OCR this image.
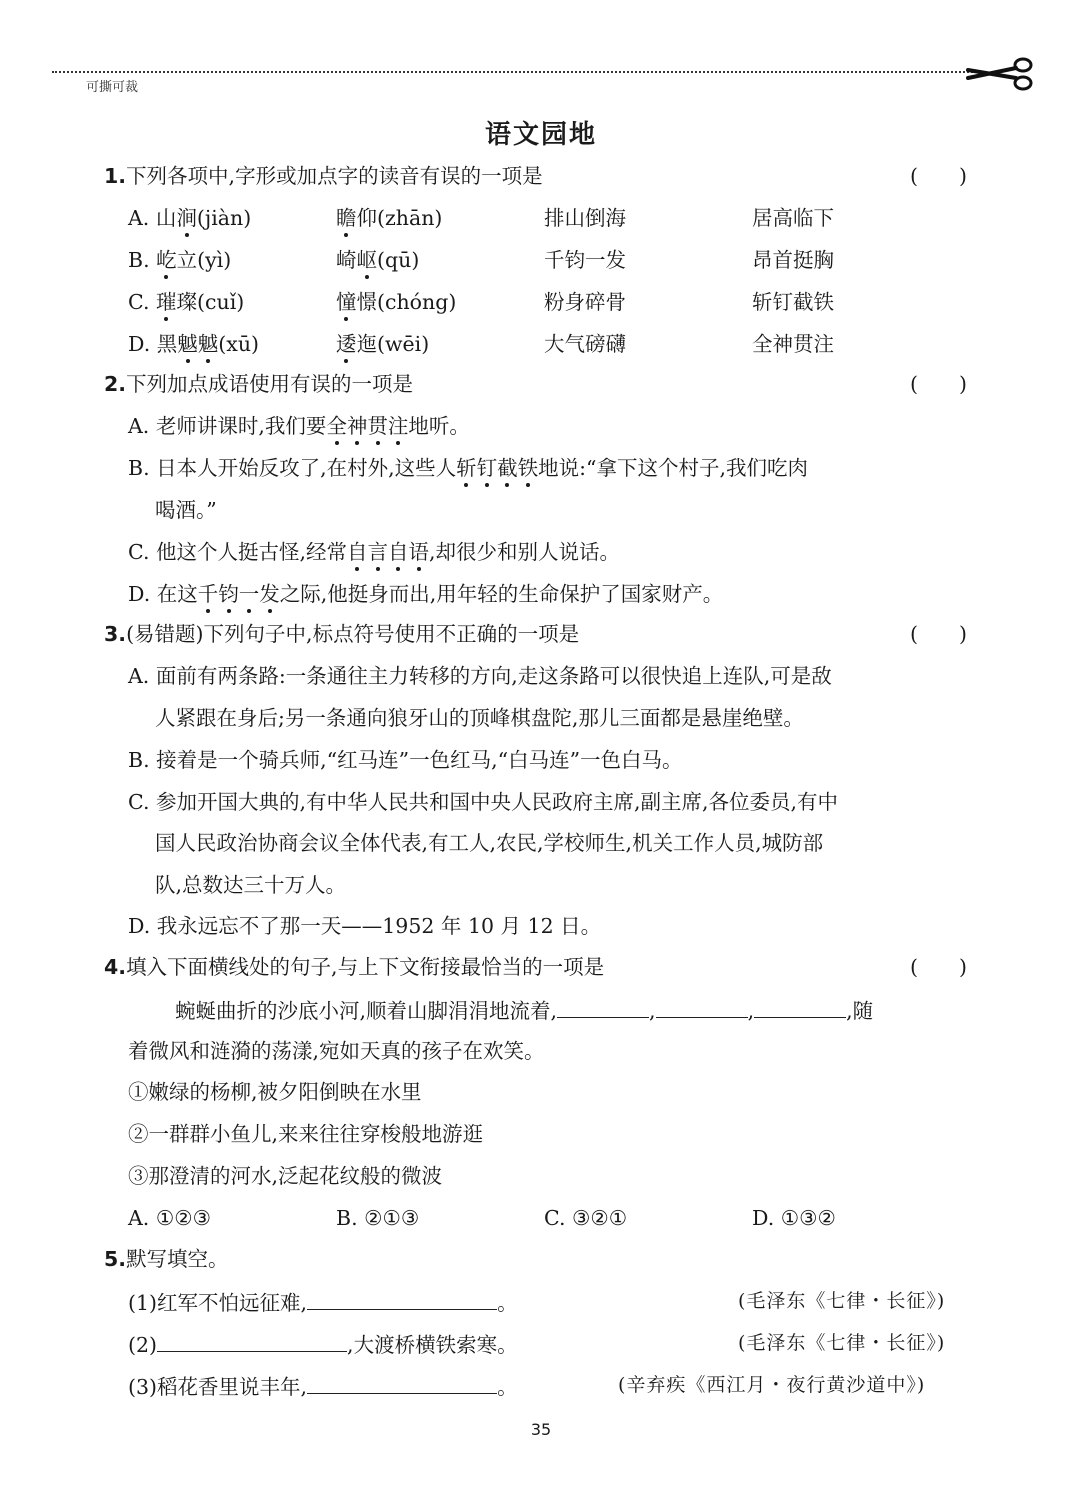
可撕可裁
语文园地
1.下列各项中,字形或加点字的读音有误的一项是	(　　)
A. 山涧(jiàn)	瞻仰(zhān)	排山倒海	居高临下
B. 屹立(yì)	崎岖(qū)	千钧一发	昂首挺胸
C. 璀璨(cuǐ)	憧憬(chóng)	粉身碎骨	斩钉截铁
D. 黑魆魆(xū)	逶迤(wēi)	大气磅礴	全神贯注
2.下列加点成语使用有误的一项是	(　　)
A. 老师讲课时,我们要全神贯注地听。
B. 日本人开始反攻了,在村外,这些人斩钉截铁地说:“拿下这个村子,我们吃肉
喝酒。”
C. 他这个人挺古怪,经常自言自语,却很少和别人说话。
D. 在这千钧一发之际,他挺身而出,用年轻的生命保护了国家财产。
3.(易错题)下列句子中,标点符号使用不正确的一项是	(　　)
A. 面前有两条路:一条通往主力转移的方向,走这条路可以很快追上连队,可是敌
人紧跟在身后;另一条通向狼牙山的顶峰棋盘陀,那儿三面都是悬崖绝壁。
B. 接着是一个骑兵师,“红马连”一色红马,“白马连”一色白马。
C. 参加开国大典的,有中华人民共和国中央人民政府主席,副主席,各位委员,有中
国人民政治协商会议全体代表,有工人,农民,学校师生,机关工作人员,城防部
队,总数达三十万人。
D. 我永远忘不了那一天——1952 年 10 月 12 日。
4.填入下面横线处的句子,与上下文衔接最恰当的一项是	(　　)
蜿蜒曲折的沙底小河,顺着山脚涓涓地流着,	,	,	,随
着微风和涟漪的荡漾,宛如天真的孩子在欢笑。
①嫩绿的杨柳,被夕阳倒映在水里
②一群群小鱼儿,来来往往穿梭般地游逛
③那澄清的河水,泛起花纹般的微波
A. ①②③	B. ②①③	C. ③②①	D. ①③②
5.默写填空。
(1)红军不怕远征难,	。	(毛泽东《七律・长征》)
(2)	,大渡桥横铁索寒。	(毛泽东《七律・长征》)
(3)稻花香里说丰年,	。	(辛弃疾《西江月・夜行黄沙道中》)
35
